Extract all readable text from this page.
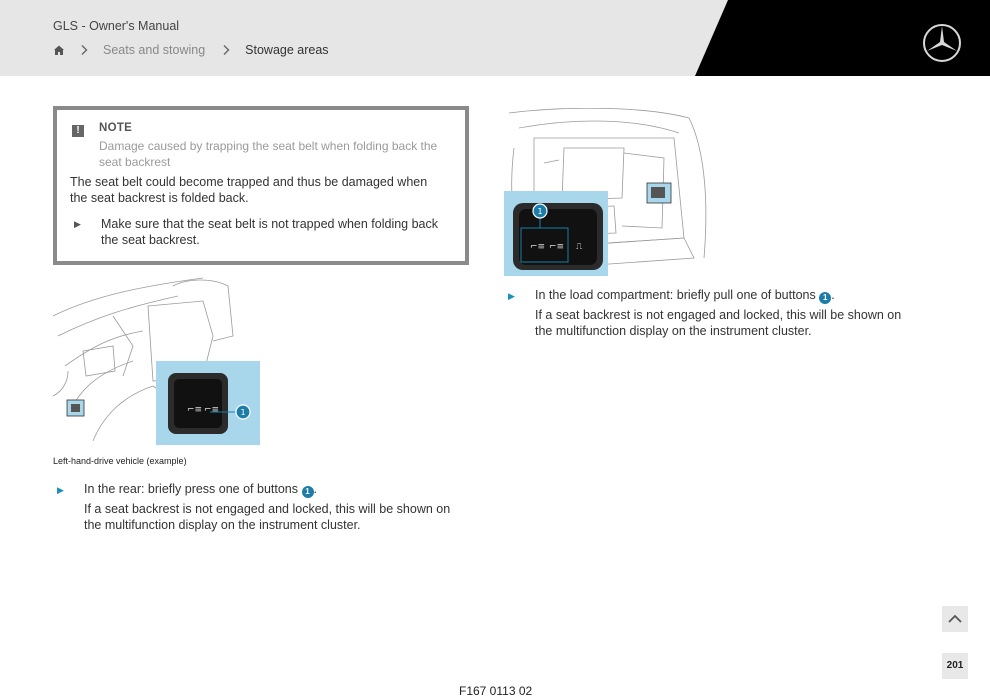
GLS - Owner's Manual
Seats and stowing	Stowage areas
!	NOTE
Damage caused by trapping the seat belt when folding back the seat backrest
The seat belt could become trapped and thus be damaged when the seat backrest is folded back.
▶ Make sure that the seat belt is not trapped when folding back the seat backrest.
⌐≡ ⌐≡	1
Left-hand-drive vehicle (example)
▶ In the rear: briefly press one of buttons 1 .
If a seat backrest is not engaged and locked, this will be shown on the multifunction display on the instrument cluster.
⌐≡ ⌐≡ ⎍
1
▶ In the load compartment: briefly pull one of buttons 1 .
If a seat backrest is not engaged and locked, this will be shown on the multifunction display on the instrument cluster.
201
F167 0113 02
